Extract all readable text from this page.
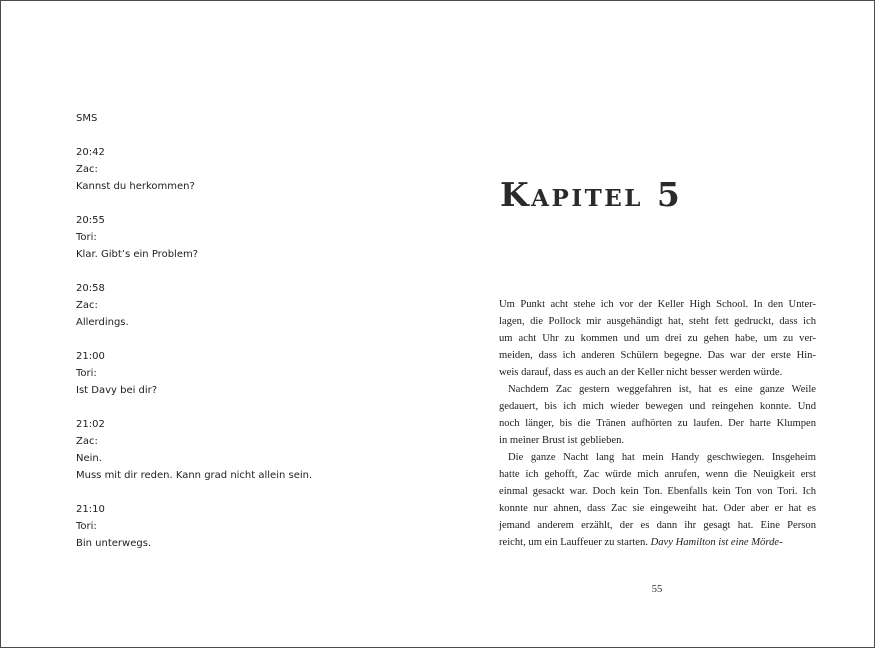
SMS
20:42
Zac:
Kannst du herkommen?
20:55
Tori:
Klar. Gibt’s ein Problem?
20:58
Zac:
Allerdings.
21:00
Tori:
Ist Davy bei dir?
21:02
Zac:
Nein.
Muss mit dir reden. Kann grad nicht allein sein.
21:10
Tori:
Bin unterwegs.
Kapitel 5
Um Punkt acht stehe ich vor der Keller High School. In den Unter-
lagen, die Pollock mir ausgehändigt hat, steht fett gedruckt, dass ich
um acht Uhr zu kommen und um drei zu gehen habe, um zu ver-
meiden, dass ich anderen Schülern begegne. Das war der erste Hin-
weis darauf, dass es auch an der Keller nicht besser werden würde.
Nachdem Zac gestern weggefahren ist, hat es eine ganze Weile
gedauert, bis ich mich wieder bewegen und reingehen konnte. Und
noch länger, bis die Tränen aufhörten zu laufen. Der harte Klumpen
in meiner Brust ist geblieben.
Die ganze Nacht lang hat mein Handy geschwiegen. Insgeheim
hatte ich gehofft, Zac würde mich anrufen, wenn die Neuigkeit erst
einmal gesackt war. Doch kein Ton. Ebenfalls kein Ton von Tori. Ich
konnte nur ahnen, dass Zac sie eingeweiht hat. Oder aber er hat es
jemand anderem erzählt, der es dann ihr gesagt hat. Eine Person
reicht, um ein Lauffeuer zu starten. Davy Hamilton ist eine Mörde-
55
